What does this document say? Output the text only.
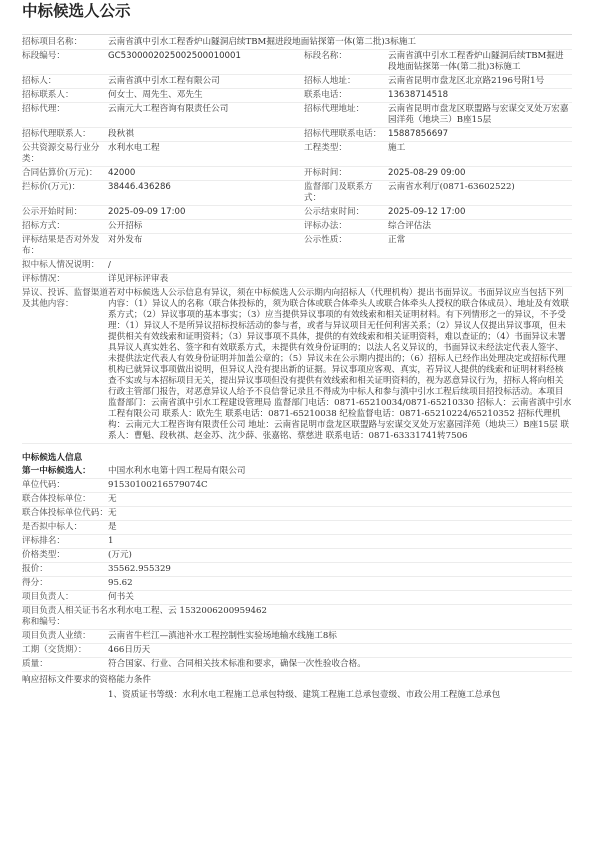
中标候选人公示
招标项目名称：	云南省滇中引水工程香炉山隧洞启续TBM掘进段地面钻探第一体(第二批)3标施工
标段编号：	GC5300002025002500010001	标段名称：	云南省滇中引水工程香炉山隧洞后续TBM掘进段地面钻探第一体(第二批)3标施工
招标人：	云南省滇中引水工程有限公司	招标人地址：	云南省昆明市盘龙区北京路2196号附1号
招标联系人：	何女士、周先生、邓先生	联系电话：	13638714518
招标代理：	云南元大工程咨询有限责任公司	招标代理地址：	云南省昆明市盘龙区联盟路与宏谋交叉处万宏嘉园洋苑（地块三）B座15层
招标代理联系人：	段秋祺	招标代理联系电话： 15887856697
公共资源交易行业分类：
水利水电工程	工程类型：	施工
合同估算价(万元)：	42000	开标时间：	2025-08-29 09:00
拦标价(万元)：	38446.436286	监督部门及联系方式：
云南省水利厅(0871-63602522)
公示开始时间：	2025-09-09 17:00	公示结束时间：	2025-09-12 17:00
招标方式：	公开招标	评标办法：	综合评估法
评标结果是否对外发布：
对外发布	公示性质：	正常
拟中标人情况说明：	/
评标情况：	详见评标评审表
异议、投诉、监督渠道及其他内容：
若对中标候选人公示信息有异议，须在中标候选人公示期内向招标人（代理机构）提出书面异议。书面异议应当包括下列内容：（1）异议人的名称（联合体投标的，须为联合体或联合体牵头人或联合体牵头人授权的联合体成员）、地址及有效联系方式；（2）异议事项的基本事实；（3）应当提供异议事项的有效线索和相关证明材料。有下列情形之一的异议，不予受理：（1）异议人不是所异议招标投标活动的参与者，或者与异议项目无任何利害关系；（2）异议人仅提出异议事项，但未提供相关有效线索和证明资料；（3）异议事项不具体，提供的有效线索和相关证明资料，难以查证的；（4）书面异议未署具异议人真实姓名、签字和有效联系方式，未提供有效身份证明的；以法人名义异议的，书面异议未经法定代表人签字、未提供法定代表人有效身份证明并加盖公章的；（5）异议未在公示期内提出的；（6）招标人已经作出处理决定或招标代理机构已就异议事项做出说明，但异议人没有提出新的证据。异议事项应客观、真实，若异议人提供的线索和证明材料经核查不实或与本招标项目无关，提出异议事项但没有提供有效线索和相关证明资料的，视为恶意异议行为，招标人将向相关行政主管部门报告，对恶意异议人给予不良信誉记录且不得成为中标人和参与滇中引水工程后续项目招投标活动。本项目监督部门：云南省滇中引水工程建设管理局 监督部门电话：0871-65210034/0871-65210330 招标人：云南省滇中引水工程有限公司 联系人：欧先生 联系电话：0871-65210038 纪检监督电话：0871-65210224/65210352 招标代理机构：云南元大工程咨询有限责任公司 地址：云南省昆明市盘龙区联盟路与宏谋交叉处万宏嘉园洋苑（地块三）B座15层 联系人：曹魁、段秋祺、赵金苏、沈少薛、张嘉铭、蔡慈进 联系电话：0871-63331741转7506
中标候选人信息
第一中标候选人：	中国水利水电第十四工程局有限公司
单位代码：	91530100216579074C
联合体投标单位：	无
联合体投标单位代码： 无
是否拟中标人：	是
评标排名：	1
价格类型：	(万元)
报价：	35562.955329
得分：	95.62
项目负责人：	何书关
项目负责人相关证书名称和编号：
水利水电工程、云 1532006200959462
项目负责人业绩：	云南省牛栏江—滇池补水工程控制性实验场地输水线施工8标
工期（交货期）：	466日历天
质量：	符合国家、行业、合同相关技术标准和要求，确保一次性验收合格。
响应招标文件要求的资格能力条件
1、资质证书等级：水利水电工程施工总承包特级、建筑工程施工总承包壹级、市政公用工程施工总承包
